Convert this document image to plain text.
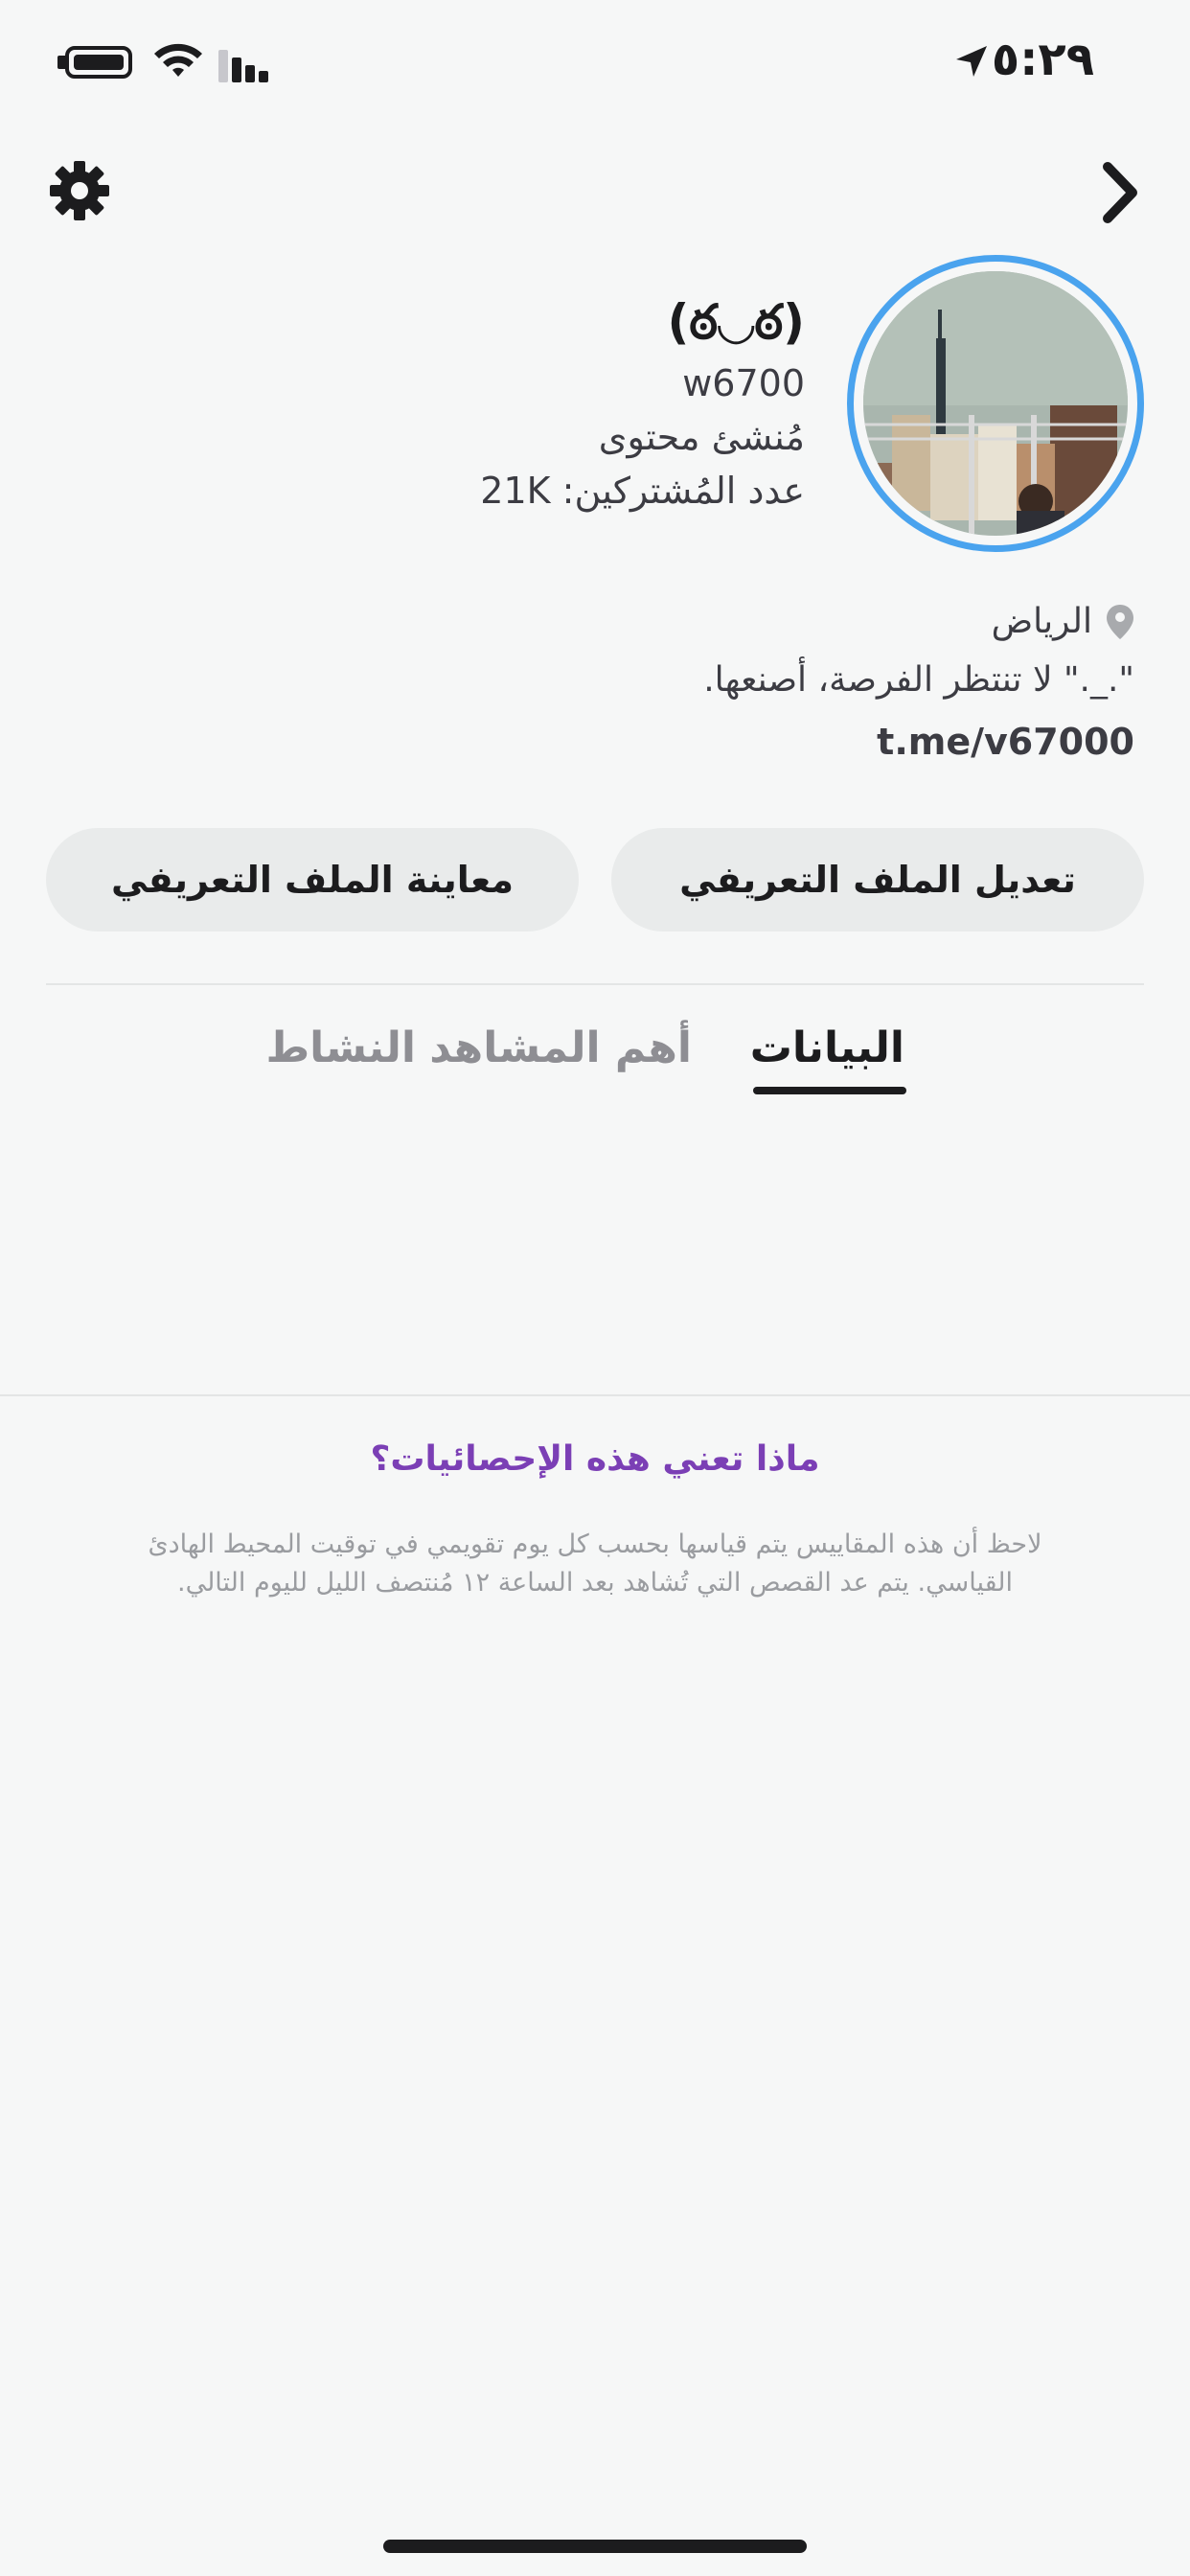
٥:٢٩
(ఠ◡ఠ)
w6700
مُنشئ محتوى
عدد المُشتركين: 21K
الرياض
"._." لا تنتظر الفرصة، أصنعها.
t.me/v67000
تعديل الملف التعريفي
معاينة الملف التعريفي
البيانات
أهم المشاهد
النشاط
ماذا تعني هذه الإحصائيات؟
لاحظ أن هذه المقاييس يتم قياسها بحسب كل يوم تقويمي في توقيت المحيط الهادئ القياسي. يتم عد القصص التي تُشاهد بعد الساعة ١٢ مُنتصف الليل لليوم التالي.
